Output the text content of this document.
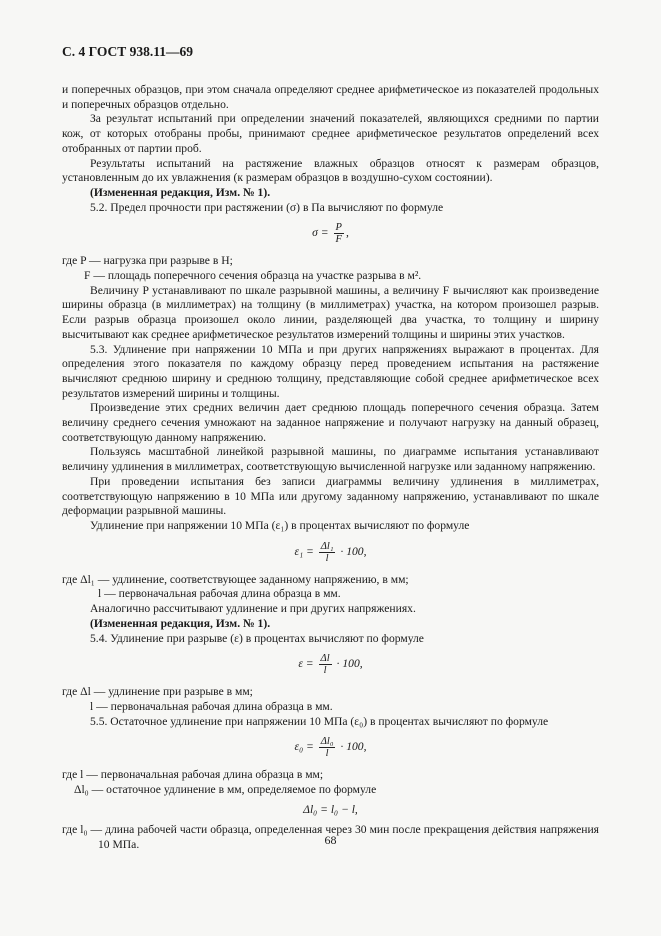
С. 4 ГОСТ 938.11—69

и поперечных образцов, при этом сначала определяют среднее арифметическое из показателей продольных и поперечных образцов отдельно.

За результат испытаний при определении значений показателей, являющихся средними по партии кож, от которых отобраны пробы, принимают среднее арифметическое результатов определений всех отобранных от партии проб.

Результаты испытаний на растяжение влажных образцов относят к размерам образцов, установленным до их увлажнения (к размерам образцов в воздушно-сухом состоянии).

(Измененная редакция, Изм. № 1).

5.2. Предел прочности при растяжении (σ) в Па вычисляют по формуле

$\sigma = \frac{P}{F}$ ,

где P — нагрузка при разрыве в Н;

F — площадь поперечного сечения образца на участке разрыва в м².

Величину P устанавливают по шкале разрывной машины, а величину F вычисляют как произведение ширины образца (в миллиметрах) на толщину (в миллиметрах) участка, на котором произошел разрыв. Если разрыв образца произошел около линии, разделяющей два участка, то толщину и ширину высчитывают как среднее арифметическое результатов измерений толщины и ширины этих участков.

5.3. Удлинение при напряжении 10 МПа и при других напряжениях выражают в процентах. Для определения этого показателя по каждому образцу перед проведением испытания на растяжение вычисляют среднюю ширину и среднюю толщину, представляющие собой среднее арифметическое всех результатов измерений ширины и толщины.

Произведение этих средних величин дает среднюю площадь поперечного сечения образца. Затем величину среднего сечения умножают на заданное напряжение и получают нагрузку на данный образец, соответствующую данному напряжению.

Пользуясь масштабной линейкой разрывной машины, по диаграмме испытания устанавливают величину удлинения в миллиметрах, соответствующую вычисленной нагрузке или заданному напряжению.

При проведении испытания без записи диаграммы величину удлинения в миллиметрах, соответствующую напряжению в 10 МПа или другому заданному напряжению, устанавливают по шкале деформации разрывной машины.

Удлинение при напряжении 10 МПа (ε₁) в процентах вычисляют по формуле

$\varepsilon_1 = \frac{\text{Δl₁}}{l} \cdot 100$,

где Δl₁ — удлинение, соответствующее заданному напряжению, в мм;

l — первоначальная рабочая длина образца в мм.

Аналогично рассчитывают удлинение и при других напряжениях.

(Измененная редакция, Изм. № 1).

5.4. Удлинение при разрыве (ε) в процентах вычисляют по формуле

$\varepsilon = \frac{\Delta l}{l} \cdot 100$,

где Δl — удлинение при разрыве в мм;

l — первоначальная рабочая длина образца в мм.

5.5. Остаточное удлинение при напряжении 10 МПа (ε₀) в процентах вычисляют по формуле

$\varepsilon_0 = \frac{\text{Δl₀}}{l} \cdot 100$,

где l — первоначальная рабочая длина образца в мм;

Δl₀ — остаточное удлинение в мм, определяемое по формуле

Δl₀ = l₀ − l,

где l₀ — длина рабочей части образца, определенная через 30 мин после прекращения действия напряжения 10 МПа.	68
